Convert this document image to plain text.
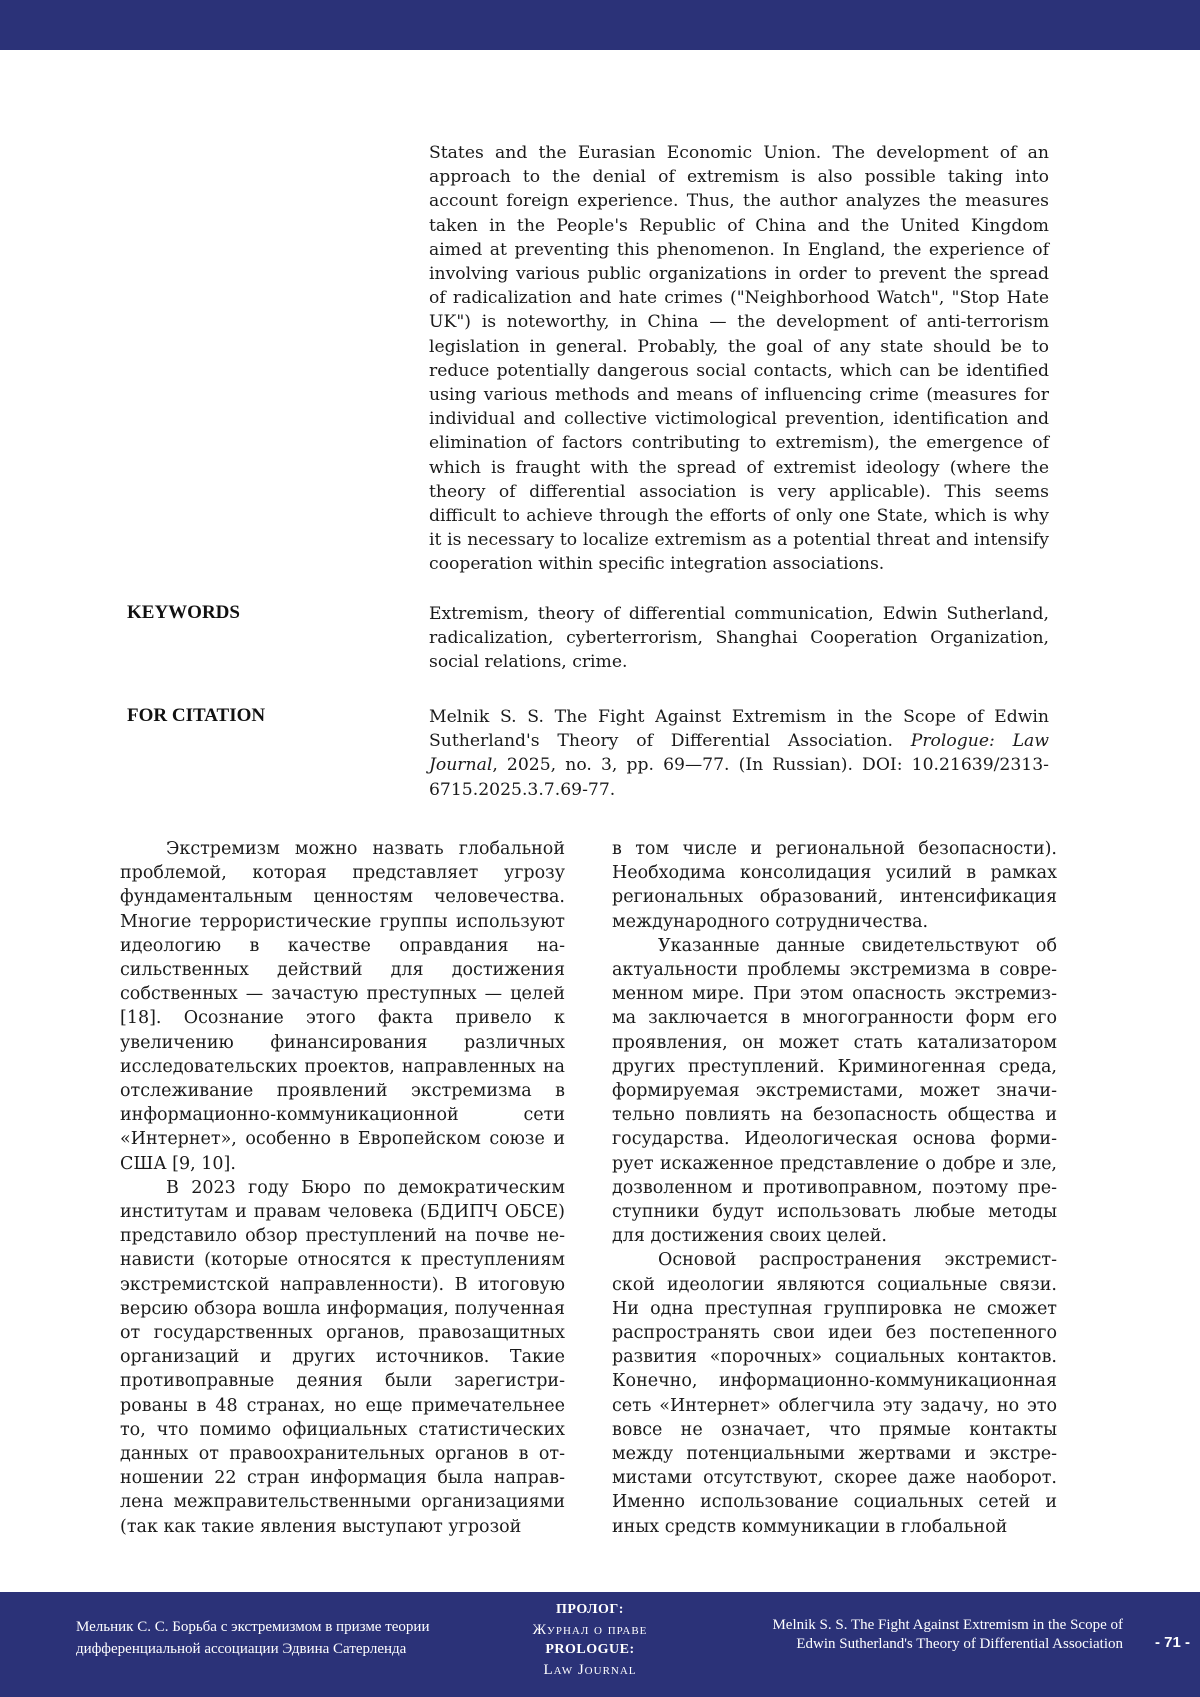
States and the Eurasian Economic Union. The development of an approach to the denial of extremism is also possible taking into account foreign experience. Thus, the author analyzes the measures taken in the People's Republic of China and the United Kingdom aimed at preventing this phenomenon. In England, the experience of involving various public organizations in order to prevent the spread of radicalization and hate crimes ("Neighborhood Watch", "Stop Hate UK") is noteworthy, in China — the development of anti-terrorism legislation in general. Probably, the goal of any state should be to reduce potentially dangerous social contacts, which can be identified using various methods and means of influencing crime (measures for individual and collective victimological prevention, identification and elimination of factors contributing to extremism), the emergence of which is fraught with the spread of extremist ideology (where the theory of differential association is very applicable). This seems difficult to achieve through the efforts of only one State, which is why it is necessary to localize extremism as a potential threat and intensify cooperation within specific integration associations.
KEYWORDS	Extremism, theory of differential communication, Edwin Sutherland, radicalization, cyberterrorism, Shanghai Cooperation Organization, social relations, crime.
FOR CITATION	Melnik S. S. The Fight Against Extremism in the Scope of Edwin Sutherland's Theory of Differential Association. Prologue: Law Journal, 2025, no. 3, pp. 69—77. (In Russian). DOI: 10.21639/2313-6715.2025.3.7.69-77.

Экстремизм можно назвать глобальной проблемой, которая представляет угрозу фундаментальным ценностям человечества. Многие террористические группы используют идеологию в качестве оправдания насильственных действий для достижения собственных — зачастую преступных — целей [18]. Осознание этого факта привело к увеличению финансирования различных исследовательских проектов, направленных на отслеживание проявлений экстремизма в информационно-коммуникационной сети «Интернет», особенно в Европейском союзе и США [9, 10].

В 2023 году Бюро по демократическим институтам и правам человека (БДИПЧ ОБСЕ) представило обзор преступлений на почве ненависти (которые относятся к преступлениям экстремистской направленности). В итоговую версию обзора вошла информация, полученная от государственных органов, правозащитных организаций и других источников. Такие противоправные деяния были зарегистрированы в 48 странах, но еще примечательнее то, что помимо официальных статистических данных от правоохранительных органов в отношении 22 стран информация была направлена межправительственными организациями (так как такие явления выступают угрозой

в том числе и региональной безопасности). Необходима консолидация усилий в рамках региональных образований, интенсификация международного сотрудничества.

Указанные данные свидетельствуют об актуальности проблемы экстремизма в современном мире. При этом опасность экстремизма заключается в многогранности форм его проявления, он может стать катализатором других преступлений. Криминогенная среда, формируемая экстремистами, может значительно повлиять на безопасность общества и государства. Идеологическая основа формирует искаженное представление о добре и зле, дозволенном и противоправном, поэтому преступники будут использовать любые методы для достижения своих целей.

Основой распространения экстремистской идеологии являются социальные связи. Ни одна преступная группировка не сможет распространять свои идеи без постепенного развития «порочных» социальных контактов. Конечно, информационно-коммуникационная сеть «Интернет» облегчила эту задачу, но это вовсе не означает, что прямые контакты между потенциальными жертвами и экстремистами отсутствуют, скорее даже наоборот. Именно использование социальных сетей и иных средств коммуникации в глобальной

Мельник С. С. Борьба с экстремизмом в призме теории
дифференциальной ассоциации Эдвина Сатерленда
ПРОЛОГ:
Журнал о праве
PROLOGUE:
Law Journal
Melnik S. S. The Fight Against Extremism in the Scope of
Edwin Sutherland's Theory of Differential Association - 71 -
